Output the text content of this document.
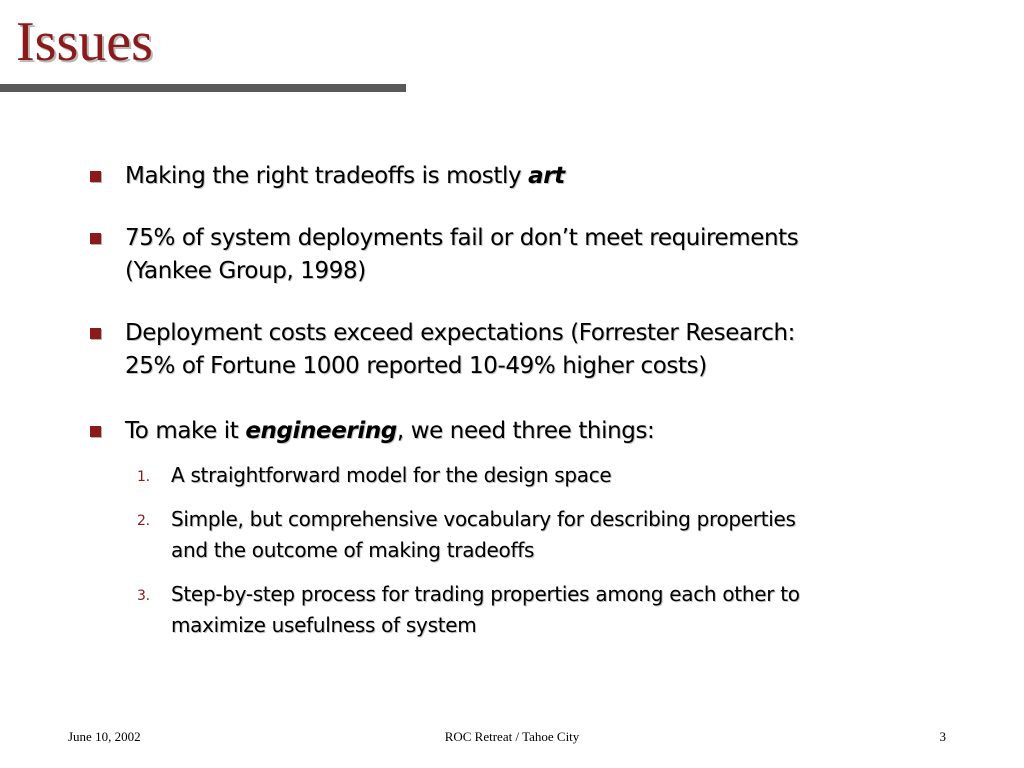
Issues
Making the right tradeoffs is mostly art
75% of system deployments fail or don’t meet requirements
(Yankee Group, 1998)
Deployment costs exceed expectations (Forrester Research:
25% of Fortune 1000 reported 10-49% higher costs)
To make it engineering, we need three things:
1. A straightforward model for the design space
2. Simple, but comprehensive vocabulary for describing properties
and the outcome of making tradeoffs
3. Step-by-step process for trading properties among each other to
maximize usefulness of system
June 10, 2002	ROC Retreat / Tahoe City	3
